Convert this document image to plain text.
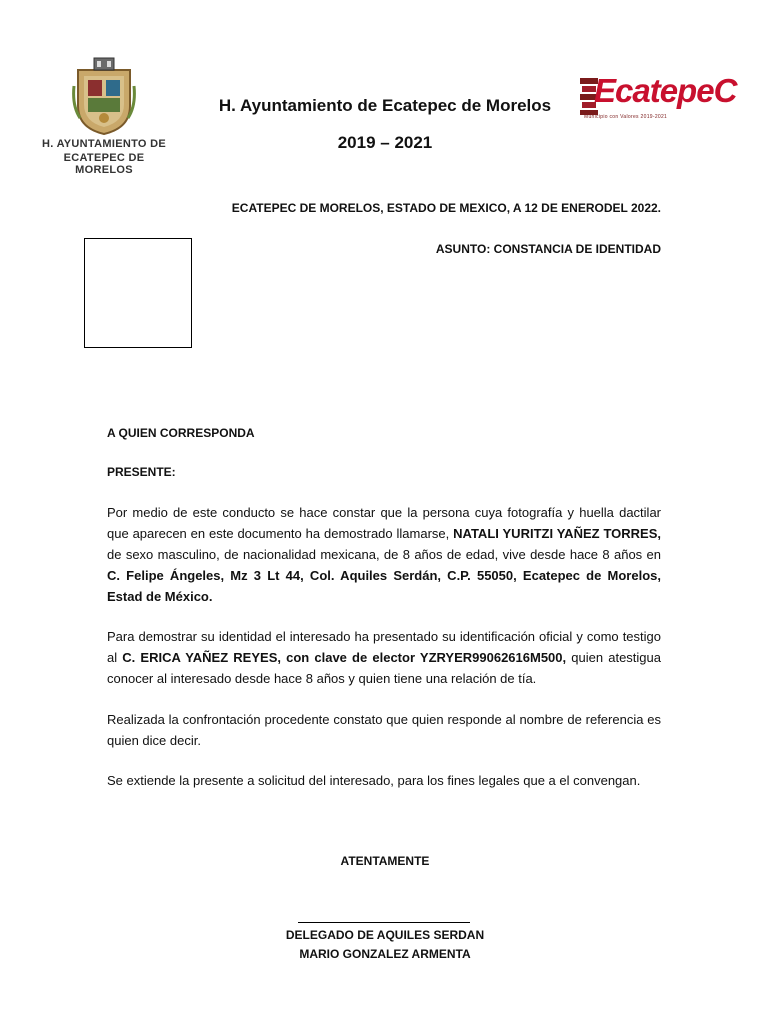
H. AYUNTAMIENTO DE
ECATEPEC DE MORELOS
H. Ayuntamiento de Ecatepec de Morelos
2019 – 2021
EcatepeC
Municipio con Valores 2019-2021
ECATEPEC DE MORELOS, ESTADO DE MEXICO, A 12 DE ENERODEL 2022.
ASUNTO: CONSTANCIA DE IDENTIDAD
A QUIEN CORRESPONDA
PRESENTE:
Por medio de este conducto se hace constar que la persona cuya fotografía y huella dactilar que aparecen en este documento ha demostrado llamarse, NATALI YURITZI YAÑEZ TORRES, de sexo masculino, de nacionalidad mexicana, de 8 años de edad, vive desde hace 8 años en C. Felipe Ángeles, Mz 3 Lt 44, Col. Aquiles Serdán, C.P. 55050, Ecatepec de Morelos, Estad de México.
Para demostrar su identidad el interesado ha presentado su identificación oficial y como testigo al C. ERICA YAÑEZ REYES, con clave de elector YZRYER99062616M500, quien atestigua conocer al interesado desde hace 8 años y quien tiene una relación de tía.
Realizada la confrontación procedente constato que quien responde al nombre de referencia es quien dice decir.
Se extiende la presente a solicitud del interesado, para los fines legales que a el convengan.
ATENTAMENTE
DELEGADO DE AQUILES SERDAN
MARIO GONZALEZ ARMENTA
